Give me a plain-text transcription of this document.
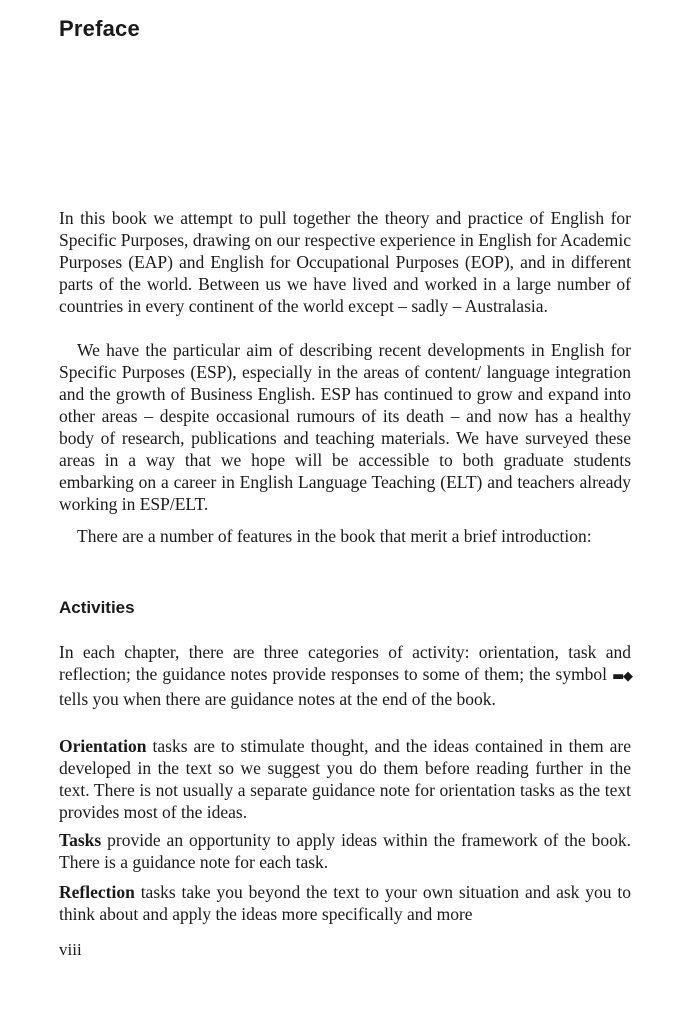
Preface

In this book we attempt to pull together the theory and practice of English for Specific Purposes, drawing on our respective experience in English for Academic Purposes (EAP) and English for Occupational Purposes (EOP), and in different parts of the world. Between us we have lived and worked in a large number of countries in every continent of the world except – sadly – Australasia.

We have the particular aim of describing recent developments in English for Specific Purposes (ESP), especially in the areas of content/ language integration and the growth of Business English. ESP has continued to grow and expand into other areas – despite occasional rumours of its death – and now has a healthy body of research, publications and teaching materials. We have surveyed these areas in a way that we hope will be accessible to both graduate students embarking on a career in English Language Teaching (ELT) and teachers already working in ESP/ELT.

There are a number of features in the book that merit a brief introduction:

Activities

In each chapter, there are three categories of activity: orientation, task and reflection; the guidance notes provide responses to some of them; the symbol ▬◆ tells you when there are guidance notes at the end of the book.

Orientation tasks are to stimulate thought, and the ideas contained in them are developed in the text so we suggest you do them before reading further in the text. There is not usually a separate guidance note for orientation tasks as the text provides most of the ideas.

Tasks provide an opportunity to apply ideas within the framework of the book. There is a guidance note for each task.

Reflection tasks take you beyond the text to your own situation and ask you to think about and apply the ideas more specifically and more

viii
